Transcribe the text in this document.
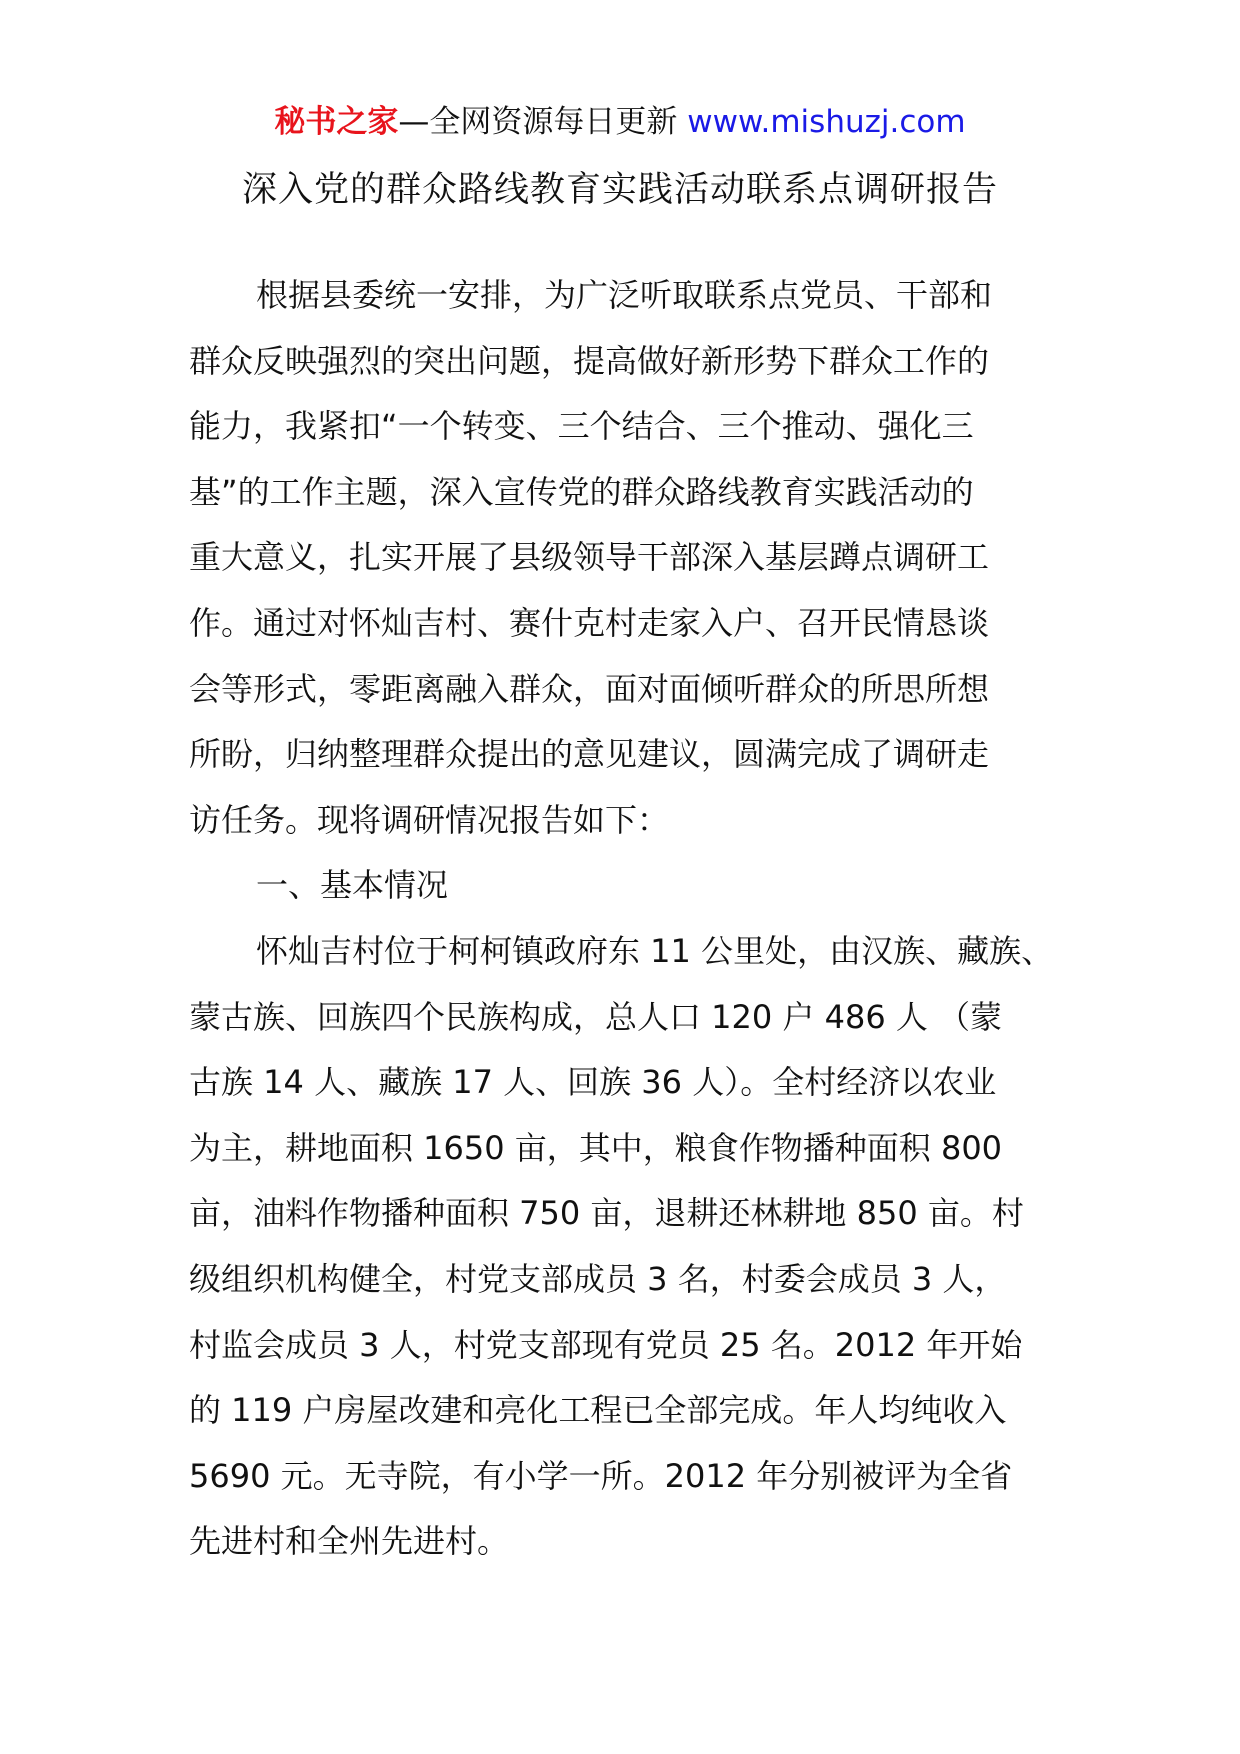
秘书之家—全网资源每日更新 www.mishuzj.com
深入党的群众路线教育实践活动联系点调研报告
根据县委统一安排，为广泛听取联系点党员、干部和
群众反映强烈的突出问题，提高做好新形势下群众工作的
能力，我紧扣“一个转变、三个结合、三个推动、强化三
基”的工作主题，深入宣传党的群众路线教育实践活动的
重大意义，扎实开展了县级领导干部深入基层蹲点调研工
作。通过对怀灿吉村、赛什克村走家入户、召开民情恳谈
会等形式，零距离融入群众，面对面倾听群众的所思所想
所盼，归纳整理群众提出的意见建议，圆满完成了调研走
访任务。现将调研情况报告如下：
一、基本情况
怀灿吉村位于柯柯镇政府东 11 公里处，由汉族、藏族、
蒙古族、回族四个民族构成，总人口 120 户 486 人 （蒙
古族 14 人、藏族 17 人、回族 36 人）。全村经济以农业
为主，耕地面积 1650 亩，其中，粮食作物播种面积 800
亩，油料作物播种面积 750 亩，退耕还林耕地 850 亩。村
级组织机构健全，村党支部成员 3 名，村委会成员 3 人，
村监会成员 3 人，村党支部现有党员 25 名。2012 年开始
的 119 户房屋改建和亮化工程已全部完成。年人均纯收入
5690 元。无寺院，有小学一所。2012 年分别被评为全省
先进村和全州先进村。
